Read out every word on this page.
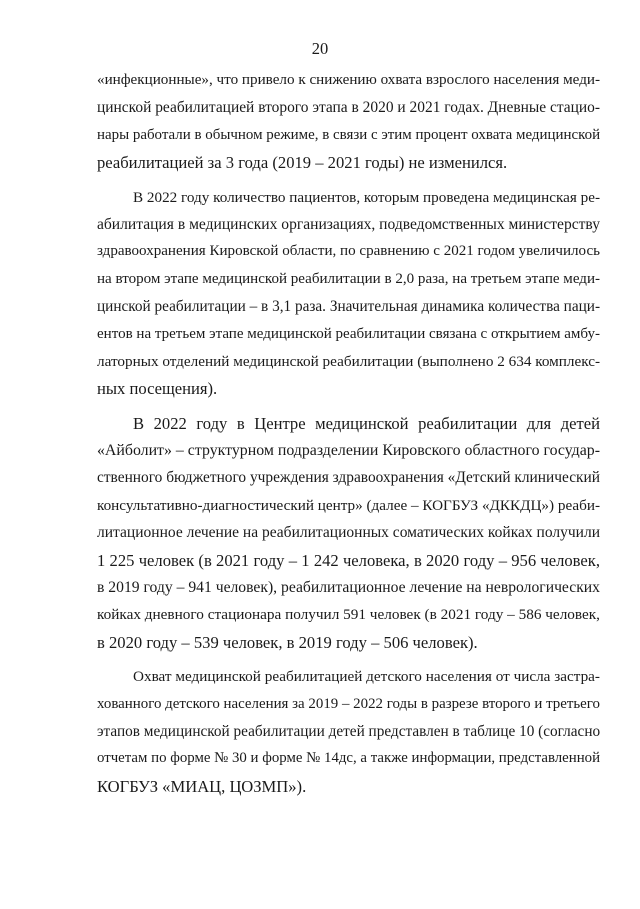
20
«инфекционные», что привело к снижению охвата взрослого населения меди-
цинской реабилитацией второго этапа в 2020 и 2021 годах. Дневные стацио-
нары работали в обычном режиме, в связи с этим процент охвата медицинской
реабилитацией за 3 года (2019 – 2021 годы) не изменился.
В 2022 году количество пациентов, которым проведена медицинская ре-
абилитация в медицинских организациях, подведомственных министерству
здравоохранения Кировской области, по сравнению с 2021 годом увеличилось
на втором этапе медицинской реабилитации в 2,0 раза, на третьем этапе меди-
цинской реабилитации – в 3,1 раза. Значительная динамика количества паци-
ентов на третьем этапе медицинской реабилитации связана с открытием амбу-
латорных отделений медицинской реабилитации (выполнено 2 634 комплекс-
ных посещения).
В 2022 году в Центре медицинской реабилитации для детей
«Айболит» – структурном подразделении Кировского областного государ-
ственного бюджетного учреждения здравоохранения «Детский клинический
консультативно-диагностический центр» (далее – КОГБУЗ «ДККДЦ») реаби-
литационное лечение на реабилитационных соматических койках получили
1 225 человек (в 2021 году – 1 242 человека, в 2020 году – 956 человек,
в 2019 году – 941 человек), реабилитационное лечение на неврологических
койках дневного стационара получил 591 человек (в 2021 году – 586 человек,
в 2020 году – 539 человек, в 2019 году – 506 человек).
Охват медицинской реабилитацией детского населения от числа застра-
хованного детского населения за 2019 – 2022 годы в разрезе второго и третьего
этапов медицинской реабилитации детей представлен в таблице 10 (согласно
отчетам по форме № 30 и форме № 14дс, а также информации, представленной
КОГБУЗ «МИАЦ, ЦОЗМП»).
